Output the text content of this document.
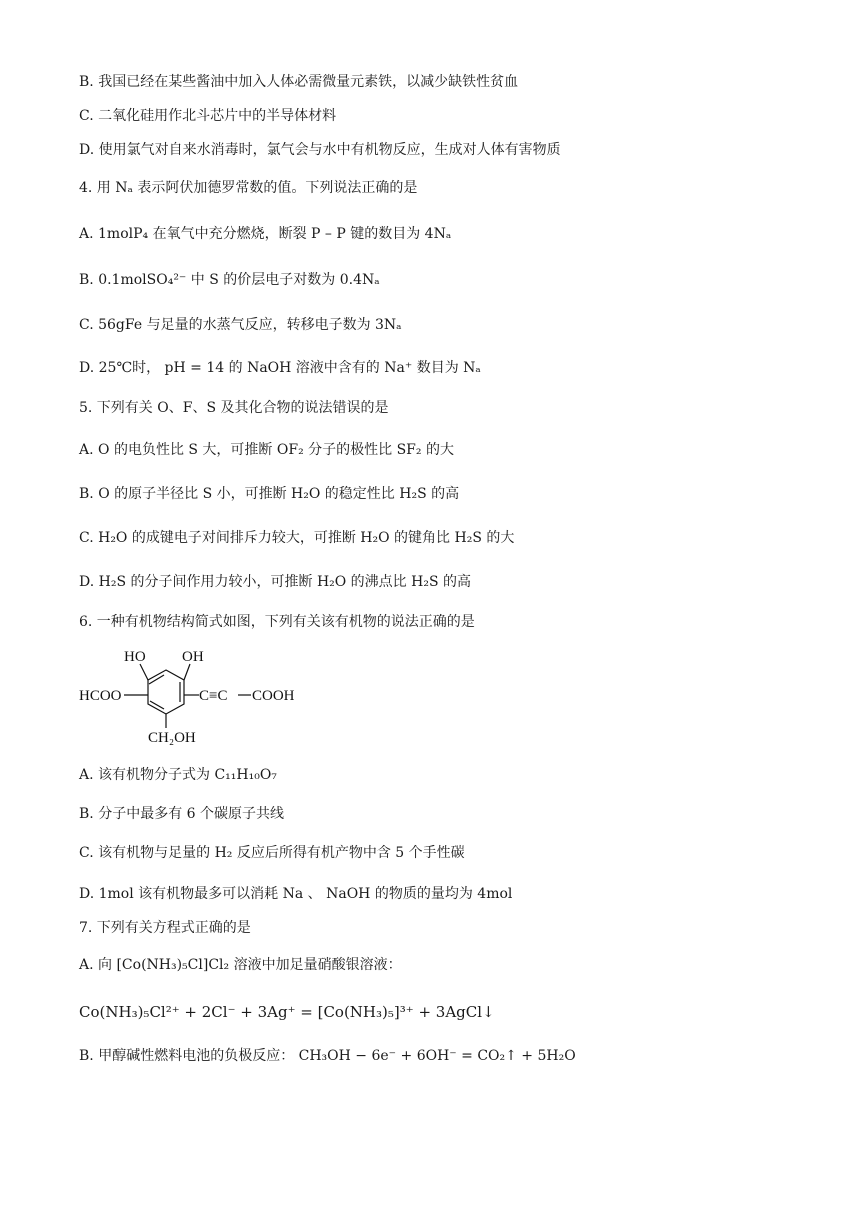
B. 我国已经在某些酱油中加入人体必需微量元素铁，以减少缺铁性贫血
C. 二氧化硅用作北斗芯片中的半导体材料
D. 使用氯气对自来水消毒时，氯气会与水中有机物反应，生成对人体有害物质
4. 用 Nₐ 表示阿伏加德罗常数的值。下列说法正确的是
A. 1molP₄ 在氧气中充分燃烧，断裂 P – P 键的数目为 4Nₐ
B. 0.1molSO₄²⁻ 中 S 的价层电子对数为 0.4Nₐ
C. 56gFe 与足量的水蒸气反应，转移电子数为 3Nₐ
D. 25℃时， pH = 14 的 NaOH 溶液中含有的 Na⁺ 数目为 Nₐ
5. 下列有关 O、F、S 及其化合物的说法错误的是
A. O 的电负性比 S 大，可推断 OF₂ 分子的极性比 SF₂ 的大
B. O 的原子半径比 S 小，可推断 H₂O 的稳定性比 H₂S 的高
C. H₂O 的成键电子对间排斥力较大，可推断 H₂O 的键角比 H₂S 的大
D. H₂S 的分子间作用力较小，可推断 H₂O 的沸点比 H₂S 的高
6. 一种有机物结构简式如图，下列有关该有机物的说法正确的是
HO OH
HCOO	C≡C COOH
CH₂OH
A. 该有机物分子式为 C₁₁H₁₀O₇
B. 分子中最多有 6 个碳原子共线
C. 该有机物与足量的 H₂ 反应后所得有机产物中含 5 个手性碳
D. 1mol 该有机物最多可以消耗 Na 、 NaOH 的物质的量均为 4mol
7. 下列有关方程式正确的是
A. 向 [Co(NH₃)₅Cl]Cl₂ 溶液中加足量硝酸银溶液：
Co(NH₃)₅Cl²⁺ + 2Cl⁻ + 3Ag⁺ = [Co(NH₃)₅]³⁺ + 3AgCl↓
B. 甲醇碱性燃料电池的负极反应： CH₃OH − 6e⁻ + 6OH⁻ = CO₂↑ + 5H₂O
